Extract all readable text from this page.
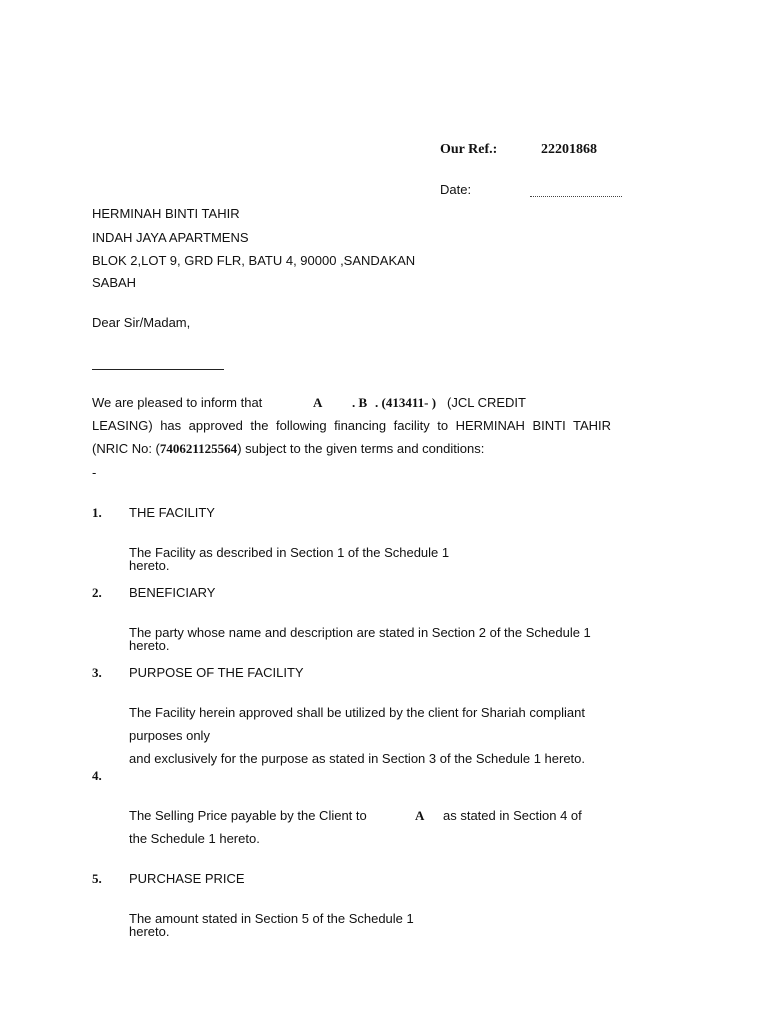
Our Ref.:	22201868
Date:
HERMINAH BINTI TAHIR
INDAH JAYA APARTMENS
BLOK 2,LOT 9, GRD FLR, BATU 4, 90000 ,SANDAKAN
SABAH
Dear Sir/Madam,
We are pleased to inform that	A . B . (413411- ) (JCL CREDIT
LEASING) has approved the following financing facility to HERMINAH BINTI TAHIR
(NRIC No: (740621125564) subject to the given terms and conditions:
-
1. THE FACILITY
The Facility as described in Section 1 of the Schedule 1 hereto.
2. BENEFICIARY
The party whose name and description are stated in Section 2 of the Schedule 1 hereto.
3. PURPOSE OF THE FACILITY
The Facility herein approved shall be utilized by the client for Shariah compliant
purposes only
and exclusively for the purpose as stated in Section 3 of the Schedule 1 hereto.
4.
The Selling Price payable by the Client to	A as stated in Section 4 of
the Schedule 1 hereto.
5. PURCHASE PRICE
The amount stated in Section 5 of the Schedule 1 hereto.
